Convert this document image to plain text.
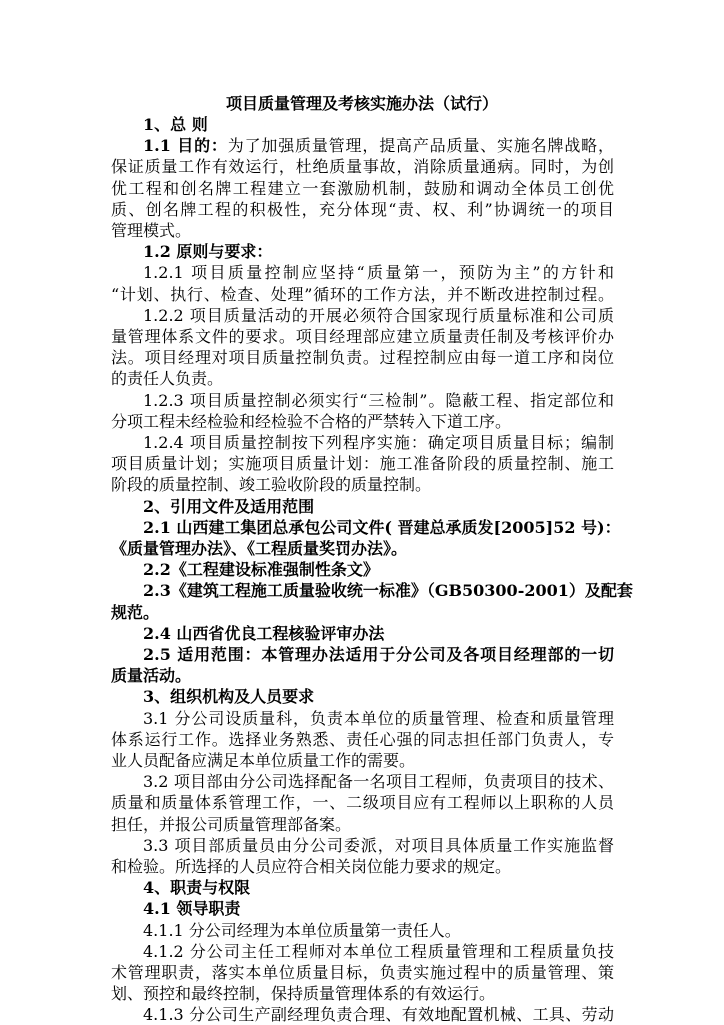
项目质量管理及考核实施办法（试行）
1、总 则
1.1 目的：为了加强质量管理，提高产品质量、实施名牌战略，
保证质量工作有效运行，杜绝质量事故，消除质量通病。同时，为创
优工程和创名牌工程建立一套激励机制，鼓励和调动全体员工创优
质、创名牌工程的积极性，充分体现“责、权、利”协调统一的项目
管理模式。
1.2 原则与要求：
1.2.1 项目质量控制应坚持“质量第一，预防为主”的方针和
“计划、执行、检查、处理”循环的工作方法，并不断改进控制过程。
1.2.2 项目质量活动的开展必须符合国家现行质量标准和公司质
量管理体系文件的要求。项目经理部应建立质量责任制及考核评价办
法。项目经理对项目质量控制负责。过程控制应由每一道工序和岗位
的责任人负责。
1.2.3 项目质量控制必须实行“三检制”。隐蔽工程、指定部位和
分项工程未经检验和经检验不合格的严禁转入下道工序。
1.2.4 项目质量控制按下列程序实施：确定项目质量目标；编制
项目质量计划；实施项目质量计划：施工准备阶段的质量控制、施工
阶段的质量控制、竣工验收阶段的质量控制。
2、引用文件及适用范围
2.1 山西建工集团总承包公司文件( 晋建总承质发[2005]52 号)：
《质量管理办法》、《工程质量奖罚办法》。
2.2《工程建设标准强制性条文》
2.3《建筑工程施工质量验收统一标准》（GB50300-2001）及配套
规范。
2.4 山西省优良工程核验评审办法
2.5 适用范围：本管理办法适用于分公司及各项目经理部的一切
质量活动。
3、组织机构及人员要求
3.1 分公司设质量科，负责本单位的质量管理、检查和质量管理
体系运行工作。选择业务熟悉、责任心强的同志担任部门负责人，专
业人员配备应满足本单位质量工作的需要。
3.2 项目部由分公司选择配备一名项目工程师，负责项目的技术、
质量和质量体系管理工作，一、二级项目应有工程师以上职称的人员
担任，并报公司质量管理部备案。
3.3 项目部质量员由分公司委派，对项目具体质量工作实施监督
和检验。所选择的人员应符合相关岗位能力要求的规定。
4、职责与权限
4.1 领导职责
4.1.1 分公司经理为本单位质量第一责任人。
4.1.2 分公司主任工程师对本单位工程质量管理和工程质量负技
术管理职责，落实本单位质量目标，负责实施过程中的质量管理、策
划、预控和最终控制，保持质量管理体系的有效运行。
4.1.3 分公司生产副经理负责合理、有效地配置机械、工具、劳动
